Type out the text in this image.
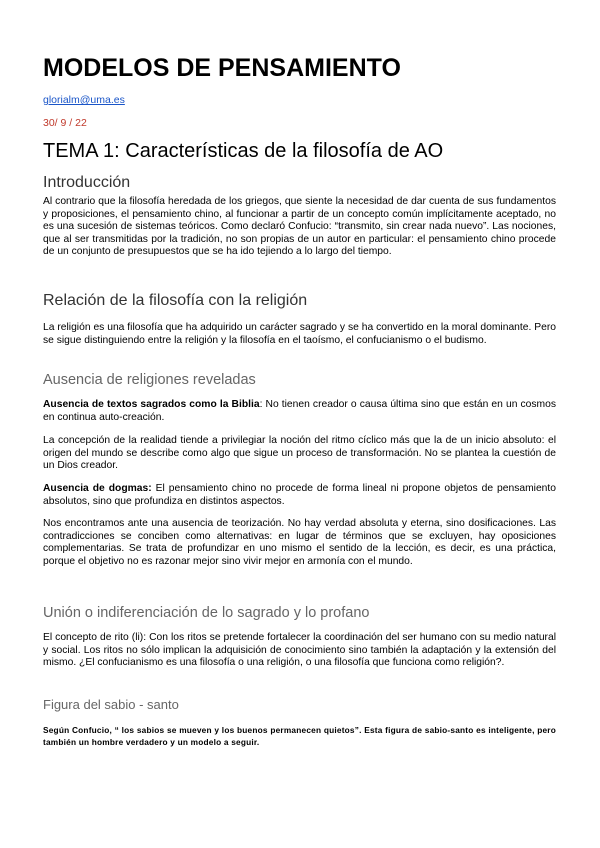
MODELOS DE PENSAMIENTO
glorialm@uma.es
30/ 9 / 22
TEMA 1: Características de la filosofía de AO
Introducción

Al contrario que la filosofía heredada de los griegos, que siente la necesidad de dar cuenta de sus fundamentos y proposiciones, el pensamiento chino, al funcionar a partir de un concepto común implícitamente aceptado, no es una sucesión de sistemas teóricos. Como declaró Confucio: “transmito, sin crear nada nuevo”. Las nociones, que al ser transmitidas por la tradición, no son propias de un autor en particular: el pensamiento chino procede de un conjunto de presupuestos que se ha ido tejiendo a lo largo del tiempo.

Relación de la filosofía con la religión

La religión es una filosofía que ha adquirido un carácter sagrado y se ha convertido en la moral dominante. Pero se sigue distinguiendo entre la religión y la filosofía en el taoísmo, el confucianismo o el budismo.

Ausencia de religiones reveladas

Ausencia de textos sagrados como la Biblia: No tienen creador o causa última sino que están en un cosmos en continua auto-creación.

La concepción de la realidad tiende a privilegiar la noción del ritmo cíclico más que la de un inicio absoluto: el origen del mundo se describe como algo que sigue un proceso de transformación. No se plantea la cuestión de un Dios creador.

Ausencia de dogmas: El pensamiento chino no procede de forma lineal ni propone objetos de pensamiento absolutos, sino que profundiza en distintos aspectos.

Nos encontramos ante una ausencia de teorización. No hay verdad absoluta y eterna, sino dosificaciones. Las contradicciones se conciben como alternativas: en lugar de términos que se excluyen, hay oposiciones complementarias. Se trata de profundizar en uno mismo el sentido de la lección, es decir, es una práctica, porque el objetivo no es razonar mejor sino vivir mejor en armonía con el mundo.

Unión o indiferenciación de lo sagrado y lo profano

El concepto de rito (li): Con los ritos se pretende fortalecer la coordinación del ser humano con su medio natural y social. Los ritos no sólo implican la adquisición de conocimiento sino también la adaptación y la extensión del mismo. ¿El confucianismo es una filosofía o una religión, o una filosofía que funciona como religión?.

Figura del sabio - santo

Según Confucio, “ los sabios se mueven y los buenos permanecen quietos”. Esta figura de sabio-santo es inteligente, pero también un hombre verdadero y un modelo a seguir.
